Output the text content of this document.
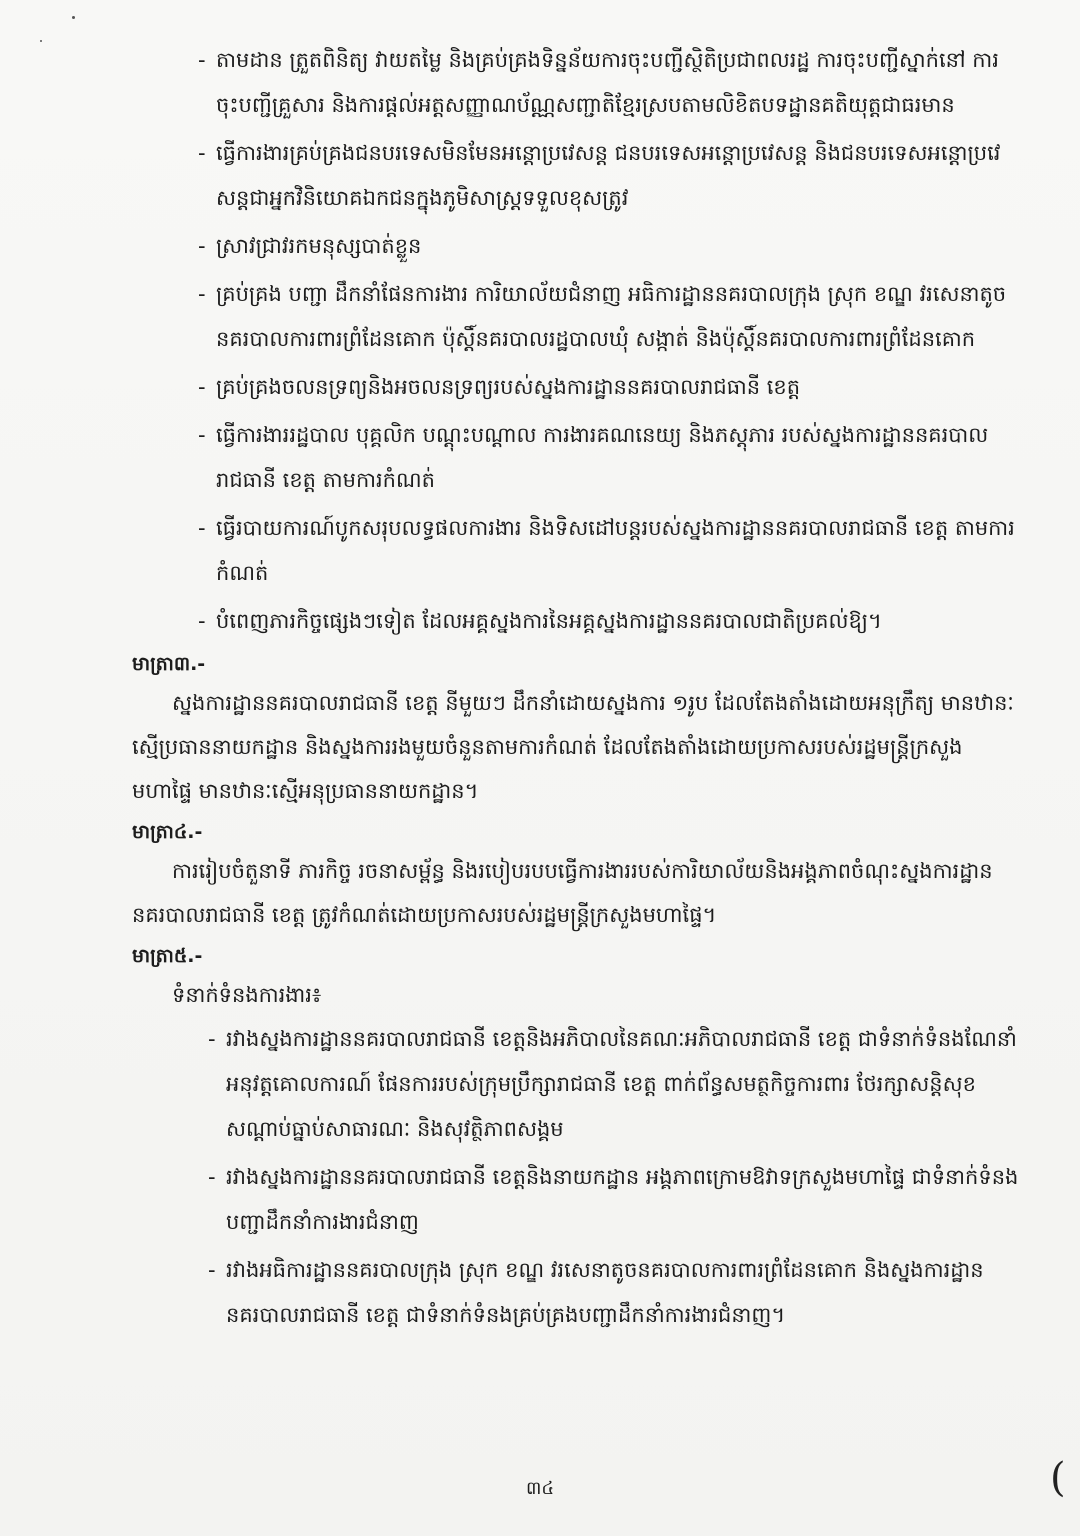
- តាមដាន ត្រួតពិនិត្យ វាយតម្លៃ និងគ្រប់គ្រងទិន្នន័យការចុះបញ្ជីស្ថិតិប្រជាពលរដ្ឋ ការចុះបញ្ជីស្នាក់នៅ ការចុះបញ្ជីគ្រួសារ និងការផ្តល់អត្តសញ្ញាណប័ណ្ណសញ្ជាតិខ្មែរស្របតាមលិខិតបទដ្ឋានគតិយុត្តជាធរមាន
- ធ្វើការងារគ្រប់គ្រងជនបរទេសមិនមែនអន្តោប្រវេសន្ត ជនបរទេសអន្តោប្រវេសន្ត និងជនបរទេសអន្តោប្រវេសន្តជាអ្នកវិនិយោគឯកជនក្នុងភូមិសាស្ត្រទទួលខុសត្រូវ
- ស្រាវជ្រាវរកមនុស្សបាត់ខ្លួន
- គ្រប់គ្រង បញ្ជា ដឹកនាំផែនការងារ ការិយាល័យជំនាញ អធិការដ្ឋាននគរបាលក្រុង ស្រុក ខណ្ឌ វរសេនាតូចនគរបាលការពារព្រំដែនគោក ប៉ុស្តិ៍នគរបាលរដ្ឋបាលឃុំ សង្កាត់ និងប៉ុស្តិ៍នគរបាលការពារព្រំដែនគោក
- គ្រប់គ្រងចលនទ្រព្យនិងអចលនទ្រព្យរបស់ស្នងការដ្ឋាននគរបាលរាជធានី ខេត្ត
- ធ្វើការងាររដ្ឋបាល បុគ្គលិក បណ្តុះបណ្តាល ការងារគណនេយ្យ និងភស្តុភារ របស់ស្នងការដ្ឋាននគរបាលរាជធានី ខេត្ត តាមការកំណត់
- ធ្វើរបាយការណ៍បូកសរុបលទ្ធផលការងារ និងទិសដៅបន្តរបស់ស្នងការដ្ឋាននគរបាលរាជធានី ខេត្ត តាមការកំណត់
- បំពេញភារកិច្ចផ្សេងៗទៀត ដែលអគ្គស្នងការនៃអគ្គស្នងការដ្ឋាននគរបាលជាតិប្រគល់ឱ្យ។
មាត្រា៣.-
ស្នងការដ្ឋាននគរបាលរាជធានី ខេត្ត នីមួយៗ ដឹកនាំដោយស្នងការ ១រូប ដែលតែងតាំងដោយអនុក្រឹត្យ មានឋានៈស្មើប្រធាននាយកដ្ឋាន និងស្នងការរងមួយចំនួនតាមការកំណត់ ដែលតែងតាំងដោយប្រកាសរបស់រដ្ឋមន្ត្រីក្រសួងមហាផ្ទៃ មានឋានៈស្មើអនុប្រធាននាយកដ្ឋាន។
មាត្រា៤.-
ការរៀបចំតួនាទី ភារកិច្ច រចនាសម្ព័ន្ធ និងរបៀបរបបធ្វើការងាររបស់ការិយាល័យនិងអង្គភាពចំណុះស្នងការដ្ឋាននគរបាលរាជធានី ខេត្ត ត្រូវកំណត់ដោយប្រកាសរបស់រដ្ឋមន្ត្រីក្រសួងមហាផ្ទៃ។
មាត្រា៥.-
ទំនាក់ទំនងការងារ៖
- រវាងស្នងការដ្ឋាននគរបាលរាជធានី ខេត្តនិងអភិបាលនៃគណៈអភិបាលរាជធានី ខេត្ត ជាទំនាក់ទំនងណែនាំអនុវត្តគោលការណ៍ ផែនការរបស់ក្រុមប្រឹក្សារាជធានី ខេត្ត ពាក់ព័ន្ធសមត្ថកិច្ចការពារ ថែរក្សាសន្តិសុខ សណ្តាប់ធ្នាប់សាធារណៈ និងសុវត្ថិភាពសង្គម
- រវាងស្នងការដ្ឋាននគរបាលរាជធានី ខេត្តនិងនាយកដ្ឋាន អង្គភាពក្រោមឱវាទក្រសួងមហាផ្ទៃ ជាទំនាក់ទំនងបញ្ជាដឹកនាំការងារជំនាញ
- រវាងអធិការដ្ឋាននគរបាលក្រុង ស្រុក ខណ្ឌ វរសេនាតូចនគរបាលការពារព្រំដែនគោក និងស្នងការដ្ឋាននគរបាលរាជធានី ខេត្ត ជាទំនាក់ទំនងគ្រប់គ្រងបញ្ជាដឹកនាំការងារជំនាញ។
៣៤	(
